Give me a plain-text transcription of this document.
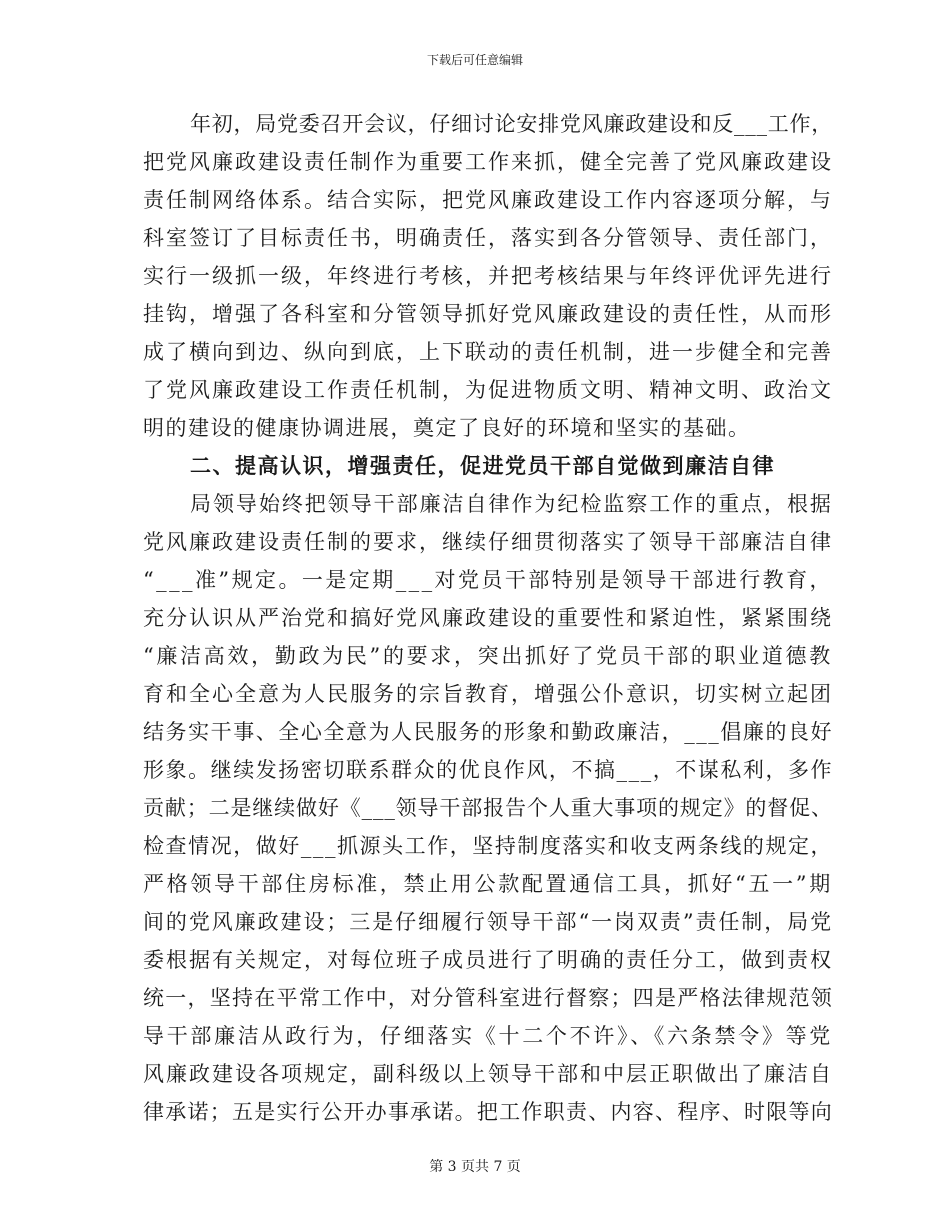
下载后可任意编辑
年初，局党委召开会议，仔细讨论安排党风廉政建设和反___工作，
把党风廉政建设责任制作为重要工作来抓，健全完善了党风廉政建设
责任制网络体系。结合实际，把党风廉政建设工作内容逐项分解，与
科室签订了目标责任书，明确责任，落实到各分管领导、责任部门，
实行一级抓一级，年终进行考核，并把考核结果与年终评优评先进行
挂钩，增强了各科室和分管领导抓好党风廉政建设的责任性，从而形
成了横向到边、纵向到底，上下联动的责任机制，进一步健全和完善
了党风廉政建设工作责任机制，为促进物质文明、精神文明、政治文
明的建设的健康协调进展，奠定了良好的环境和坚实的基础。
二、提高认识，增强责任，促进党员干部自觉做到廉洁自律
局领导始终把领导干部廉洁自律作为纪检监察工作的重点，根据
党风廉政建设责任制的要求，继续仔细贯彻落实了领导干部廉洁自律
“___准”规定。一是定期___对党员干部特别是领导干部进行教育，
充分认识从严治党和搞好党风廉政建设的重要性和紧迫性，紧紧围绕
“廉洁高效，勤政为民”的要求，突出抓好了党员干部的职业道德教
育和全心全意为人民服务的宗旨教育，增强公仆意识，切实树立起团
结务实干事、全心全意为人民服务的形象和勤政廉洁，___倡廉的良好
形象。继续发扬密切联系群众的优良作风，不搞___，不谋私利，多作
贡献；二是继续做好《___领导干部报告个人重大事项的规定》的督促、
检查情况，做好___抓源头工作，坚持制度落实和收支两条线的规定，
严格领导干部住房标准，禁止用公款配置通信工具，抓好“五一”期
间的党风廉政建设；三是仔细履行领导干部“一岗双责”责任制，局党
委根据有关规定，对每位班子成员进行了明确的责任分工，做到责权
统一，坚持在平常工作中，对分管科室进行督察；四是严格法律规范领
导干部廉洁从政行为，仔细落实《十二个不许》、《六条禁令》等党
风廉政建设各项规定，副科级以上领导干部和中层正职做出了廉洁自
律承诺；五是实行公开办事承诺。把工作职责、内容、程序、时限等向
第 3 页共 7 页
